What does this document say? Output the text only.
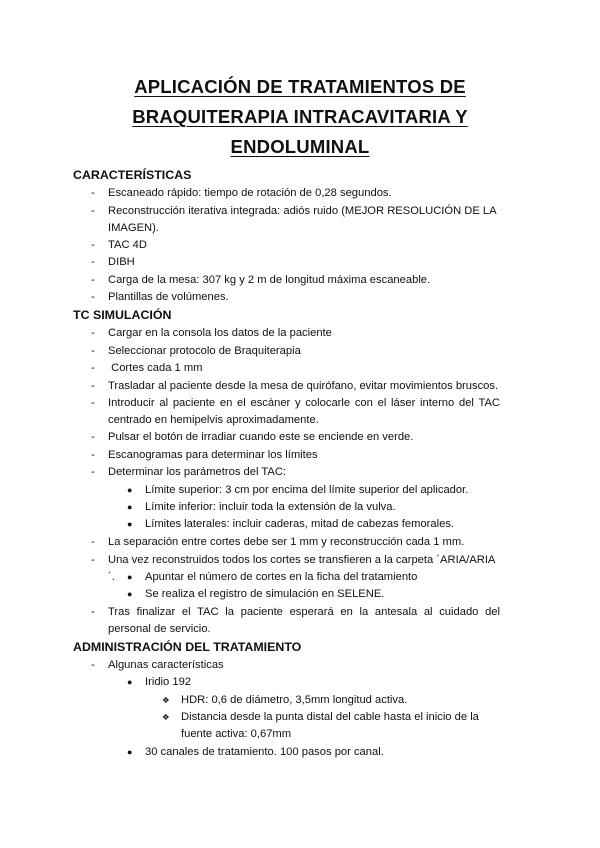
APLICACIÓN DE TRATAMIENTOS DE
BRAQUITERAPIA INTRACAVITARIA Y
ENDOLUMINAL
CARACTERÍSTICAS
- Escaneado rápido: tiempo de rotación de 0,28 segundos.

- Reconstrucción iterativa integrada: adiós ruido (MEJOR RESOLUCIÓN DE LA IMAGEN).

- TAC 4D

- DIBH

- Carga de la mesa: 307 kg y 2 m de longitud máxima escaneable.

- Plantillas de volúmenes.

TC SIMULACIÓN
- Cargar en la consola los datos de la paciente

- Seleccionar protocolo de Braquiterapia

- Cortes cada 1 mm

- Trasladar al paciente desde la mesa de quirófano, evitar movimientos bruscos.

- Introducir al paciente en el escáner y colocarle con el láser interno del TAC centrado en hemipelvis aproximadamente.

- Pulsar el botón de irradiar cuando este se enciende en verde.

- Escanogramas para determinar los límites

- Determinar los parámetros del TAC:

● Límite superior: 3 cm por encima del límite superior del aplicador.

● Límite inferior: incluir toda la extensión de la vulva.

● Límites laterales: incluir caderas, mitad de cabezas femorales.

- La separación entre cortes debe ser 1 mm y reconstrucción cada 1 mm.

- Una vez reconstruidos todos los cortes se transfieren a la carpeta ´ARIA/ARIA´.	● Apuntar el número de cortes en la ficha del tratamiento

● Se realiza el registro de simulación en SELENE.

- Tras finalizar el TAC la paciente esperará en la antesala al cuidado del personal de servicio.

ADMINISTRACIÓN DEL TRATAMIENTO
- Algunas características

● Iridio 192

❖ HDR: 0,6 de diámetro, 3,5mm longitud activa.

❖ Distancia desde la punta distal del cable hasta el inicio de la fuente activa: 0,67mm

● 30 canales de tratamiento. 100 pasos por canal.
